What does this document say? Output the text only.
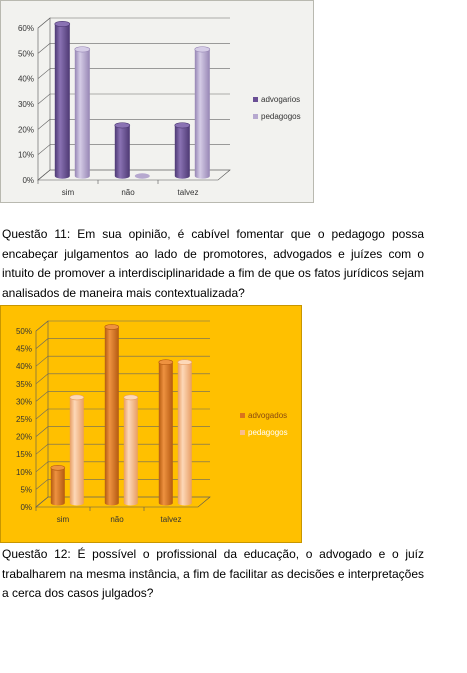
0%
10%
20%
30%
40%
50%
60%
sim	não	talvez
advogarios
pedagogos

Questão 11: Em sua opinião, é cabível fomentar que o pedagogo possa encabeçar julgamentos ao lado de promotores, advogados e juízes com o intuito de promover a interdisciplinaridade a fim de que os fatos jurídicos sejam analisados de maneira mais contextualizada?

0%
5%
10%
15%
20%
25%
30%
35%
40%
45%
50%
sim	não	talvez
advogados
pedagogos

Questão 12: É possível o profissional da educação, o advogado e o juíz trabalharem na mesma instância, a fim de facilitar as decisões e interpretações a cerca dos casos julgados?
